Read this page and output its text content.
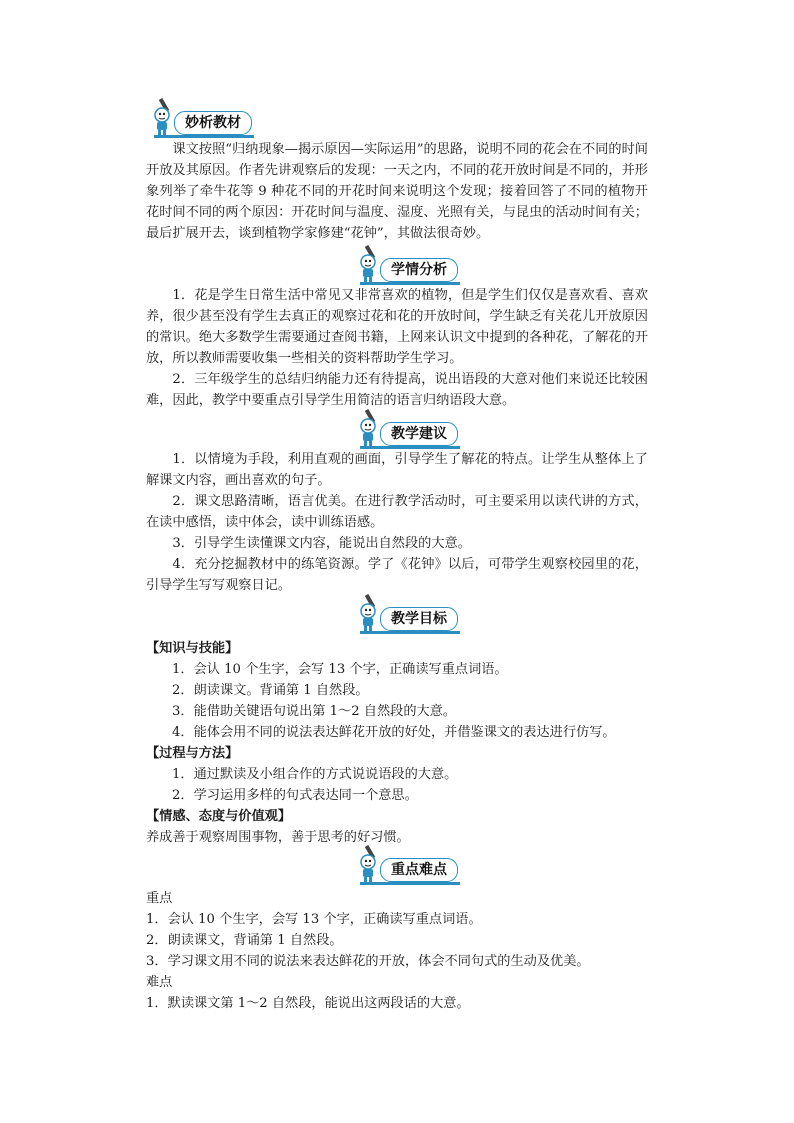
妙析教材

课文按照“归纳现象—揭示原因—实际运用”的思路，说明不同的花会在不同的时间开放及其原因。作者先讲观察后的发现：一天之内，不同的花开放时间是不同的，并形象列举了牵牛花等 9 种花不同的开花时间来说明这个发现；接着回答了不同的植物开花时间不同的两个原因：开花时间与温度、湿度、光照有关，与昆虫的活动时间有关；最后扩展开去，谈到植物学家修建“花钟”，其做法很奇妙。

学情分析

1．花是学生日常生活中常见又非常喜欢的植物，但是学生们仅仅是喜欢看、喜欢养，很少甚至没有学生去真正的观察过花和花的开放时间，学生缺乏有关花儿开放原因的常识。绝大多数学生需要通过查阅书籍，上网来认识文中提到的各种花，了解花的开放，所以教师需要收集一些相关的资料帮助学生学习。

2．三年级学生的总结归纳能力还有待提高，说出语段的大意对他们来说还比较困难，因此，教学中要重点引导学生用简洁的语言归纳语段大意。

教学建议

1．以情境为手段，利用直观的画面，引导学生了解花的特点。让学生从整体上了解课文内容，画出喜欢的句子。

2．课文思路清晰，语言优美。在进行教学活动时，可主要采用以读代讲的方式，在读中感悟，读中体会，读中训练语感。

3．引导学生读懂课文内容，能说出自然段的大意。

4．充分挖掘教材中的练笔资源。学了《花钟》以后，可带学生观察校园里的花，引导学生写写观察日记。

教学目标

【知识与技能】

1．会认 10 个生字，会写 13 个字，正确读写重点词语。

2．朗读课文。背诵第 1 自然段。

3．能借助关键语句说出第 1～2 自然段的大意。

4．能体会用不同的说法表达鲜花开放的好处，并借鉴课文的表达进行仿写。

【过程与方法】

1．通过默读及小组合作的方式说说语段的大意。

2．学习运用多样的句式表达同一个意思。

【情感、态度与价值观】

养成善于观察周围事物，善于思考的好习惯。

重点难点

重点

1．会认 10 个生字，会写 13 个字，正确读写重点词语。

2．朗读课文，背诵第 1 自然段。

3．学习课文用不同的说法来表达鲜花的开放，体会不同句式的生动及优美。

难点

1．默读课文第 1～2 自然段，能说出这两段话的大意。
